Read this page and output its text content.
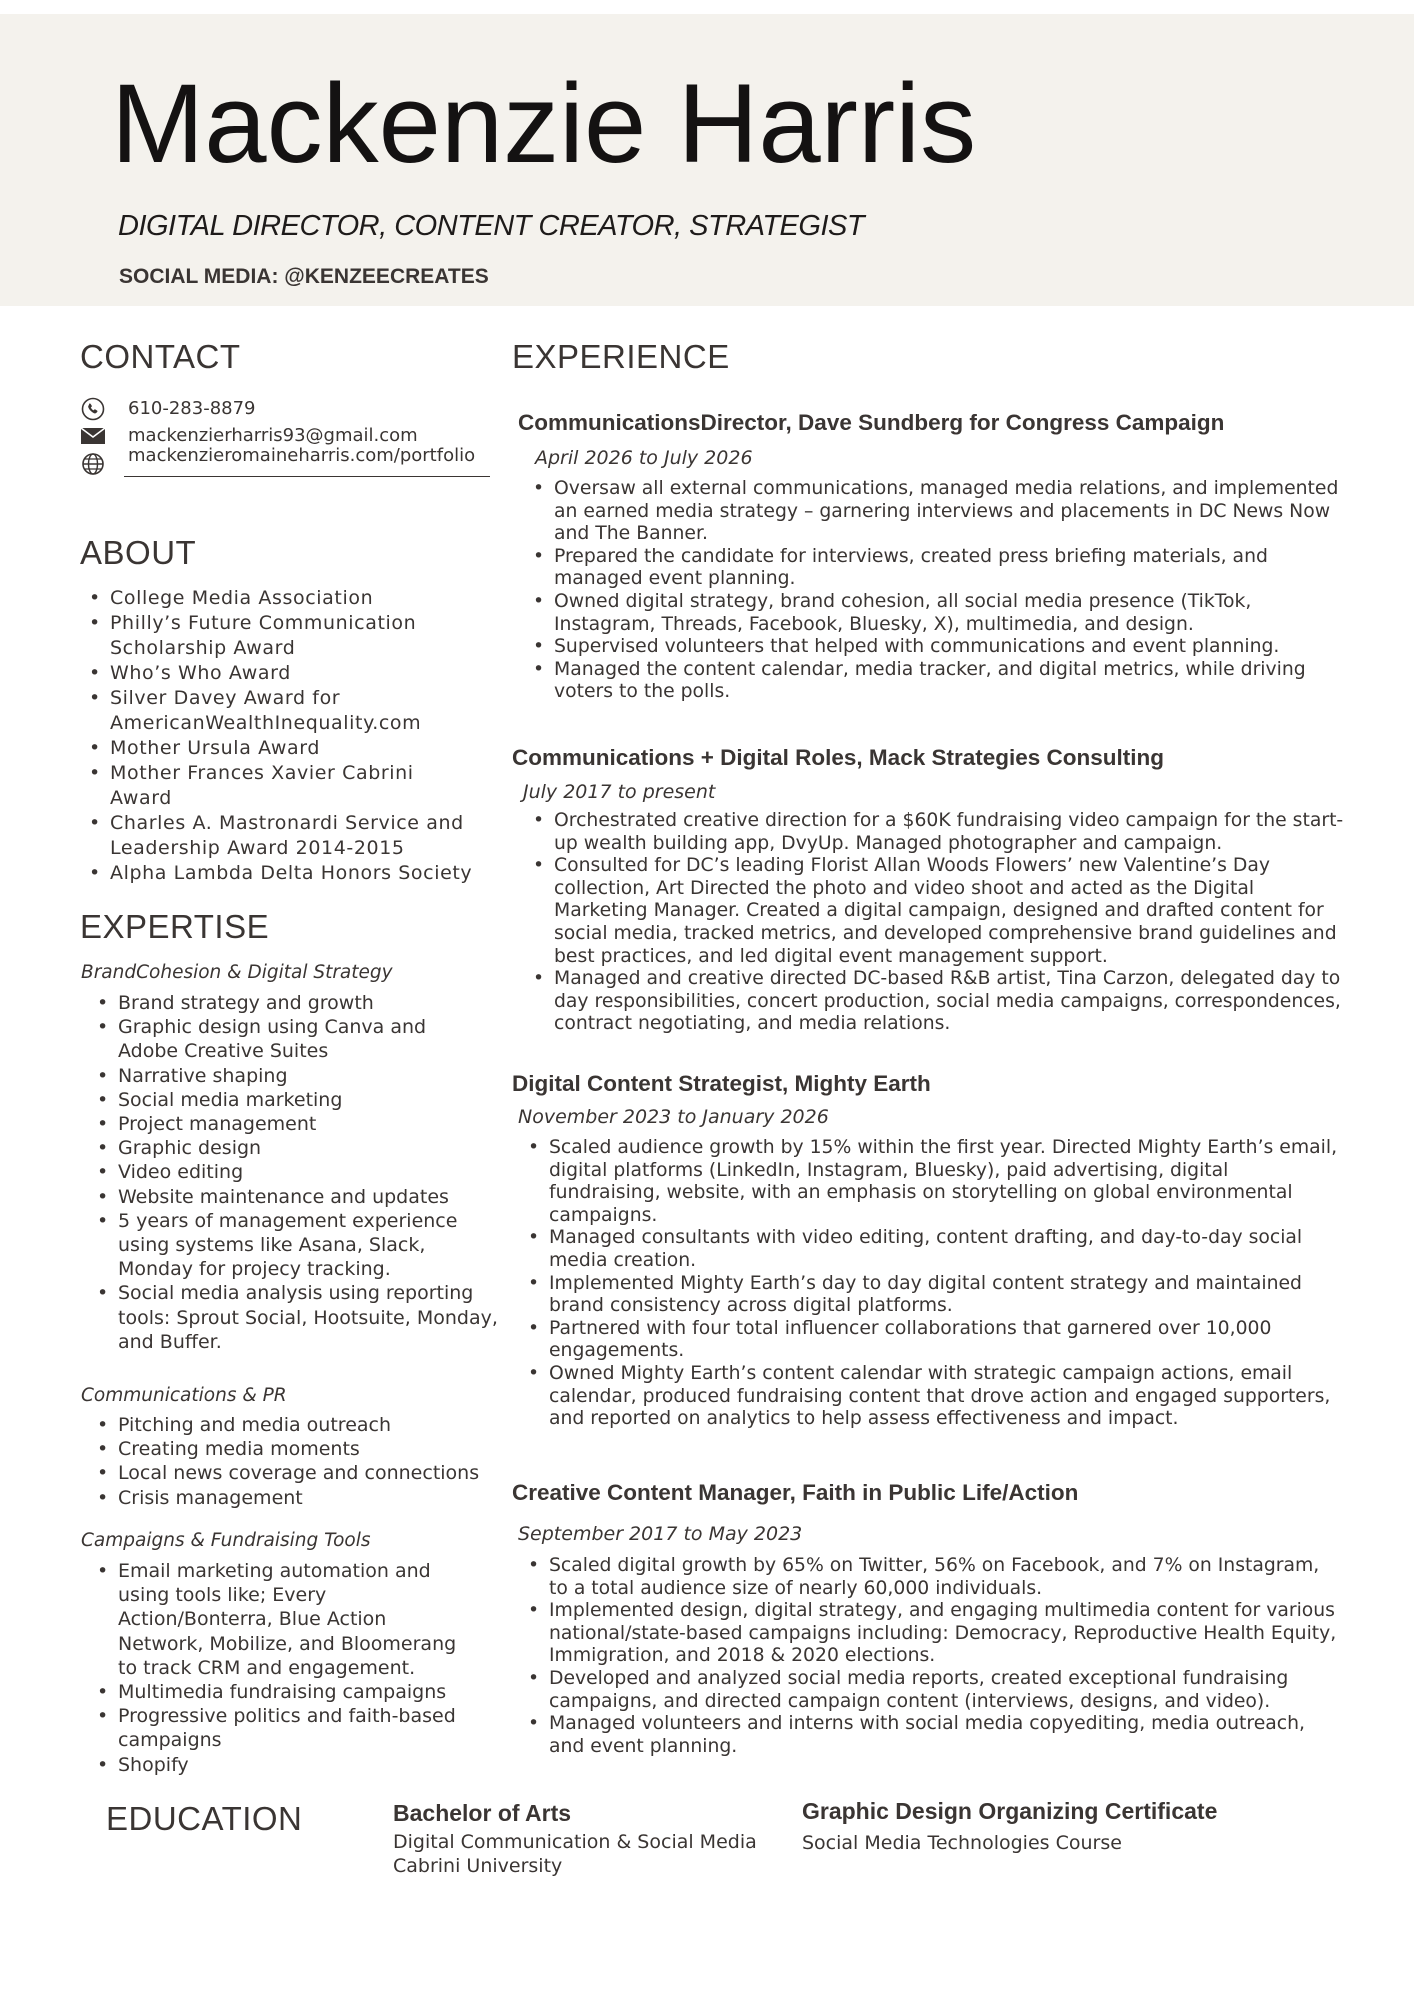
Mackenzie Harris

DIGITAL DIRECTOR, CONTENT CREATOR, STRATEGIST

SOCIAL MEDIA: @KENZEECREATES

CONTACT
610-283-8879
mackenzierharris93@gmail.com
mackenzieromaineharris.com/portfolio
ABOUT
• College Media Association
• Philly’s Future Communication Scholarship Award
• Who’s Who Award
• Silver Davey Award for AmericanWealthInequality.com
• Mother Ursula Award
• Mother Frances Xavier Cabrini Award
• Charles A. Mastronardi Service and Leadership Award 2014-2015
• Alpha Lambda Delta Honors Society
EXPERTISE

BrandCohesion & Digital Strategy

• Brand strategy and growth
• Graphic design using Canva and Adobe Creative Suites
• Narrative shaping
• Social media marketing
• Project management
• Graphic design
• Video editing
• Website maintenance and updates
• 5 years of management experience using systems like Asana, Slack, Monday for projecy tracking.
• Social media analysis using reporting tools: Sprout Social, Hootsuite, Monday, and Buffer.

Communications & PR

• Pitching and media outreach
• Creating media moments
• Local news coverage and connections
• Crisis management

Campaigns & Fundraising Tools

• Email marketing automation and using tools like; Every Action/Bonterra, Blue Action Network, Mobilize, and Bloomerang to track CRM and engagement.
• Multimedia fundraising campaigns
• Progressive politics and faith-based campaigns
• Shopify
EXPERIENCE
CommunicationsDirector, Dave Sundberg for Congress Campaign

April 2026 to July 2026

• Oversaw all external communications, managed media relations, and implemented an earned media strategy – garnering interviews and placements in DC News Now and The Banner.
• Prepared the candidate for interviews, created press briefing materials, and managed event planning.
• Owned digital strategy, brand cohesion, all social media presence (TikTok, Instagram, Threads, Facebook, Bluesky, X), multimedia, and design.
• Supervised volunteers that helped with communications and event planning.
• Managed the content calendar, media tracker, and digital metrics, while driving voters to the polls.
Communications + Digital Roles, Mack Strategies Consulting

July 2017 to present

• Orchestrated creative direction for a $60K fundraising video campaign for the start-up wealth building app, DvyUp. Managed photographer and campaign.
• Consulted for DC’s leading Florist Allan Woods Flowers’ new Valentine’s Day collection, Art Directed the photo and video shoot and acted as the Digital Marketing Manager. Created a digital campaign, designed and drafted content for social media, tracked metrics, and developed comprehensive brand guidelines and best practices, and led digital event management support.
• Managed and creative directed DC-based R&B artist, Tina Carzon, delegated day to day responsibilities, concert production, social media campaigns, correspondences, contract negotiating, and media relations.
Digital Content Strategist, Mighty Earth

November 2023 to January 2026

• Scaled audience growth by 15% within the first year. Directed Mighty Earth’s email, digital platforms (LinkedIn, Instagram, Bluesky), paid advertising, digital fundraising, website, with an emphasis on storytelling on global environmental campaigns.
• Managed consultants with video editing, content drafting, and day-to-day social media creation.
• Implemented Mighty Earth’s day to day digital content strategy and maintained brand consistency across digital platforms.
• Partnered with four total influencer collaborations that garnered over 10,000 engagements.
• Owned Mighty Earth’s content calendar with strategic campaign actions, email calendar, produced fundraising content that drove action and engaged supporters, and reported on analytics to help assess effectiveness and impact.
Creative Content Manager, Faith in Public Life/Action

September 2017 to May 2023

• Scaled digital growth by 65% on Twitter, 56% on Facebook, and 7% on Instagram, to a total audience size of nearly 60,000 individuals.
• Implemented design, digital strategy, and engaging multimedia content for various national/state-based campaigns including: Democracy, Reproductive Health Equity, Immigration, and 2018 & 2020 elections.
• Developed and analyzed social media reports, created exceptional fundraising campaigns, and directed campaign content (interviews, designs, and video).
• Managed volunteers and interns with social media copyediting, media outreach, and event planning.
EDUCATION	Bachelor of Arts

Digital Communication & Social Media

Cabrini University

Graphic Design Organizing Certificate

Social Media Technologies Course
